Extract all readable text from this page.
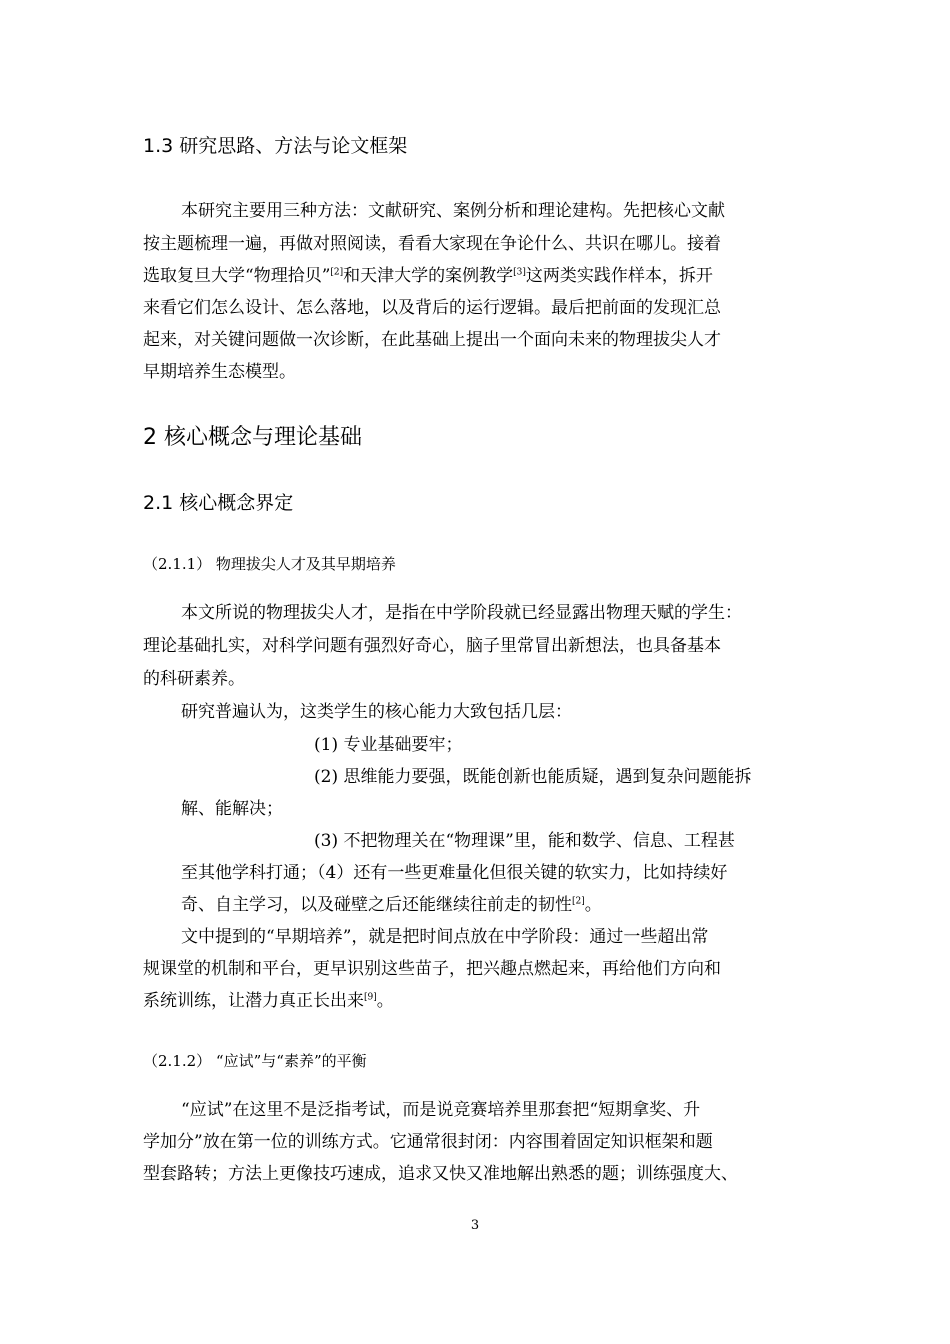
1.3 研究思路、方法与论文框架
本研究主要用三种方法：文献研究、案例分析和理论建构。先把核心文献
按主题梳理一遍，再做对照阅读，看看大家现在争论什么、共识在哪儿。接着
选取复旦大学“物理拾贝”[2]和天津大学的案例教学[3]这两类实践作样本，拆开
来看它们怎么设计、怎么落地，以及背后的运行逻辑。最后把前面的发现汇总
起来，对关键问题做一次诊断，在此基础上提出一个面向未来的物理拔尖人才
早期培养生态模型。
2 核心概念与理论基础
2.1 核心概念界定
（2.1.1） 物理拔尖人才及其早期培养
本文所说的物理拔尖人才，是指在中学阶段就已经显露出物理天赋的学生：
理论基础扎实，对科学问题有强烈好奇心，脑子里常冒出新想法，也具备基本
的科研素养。
研究普遍认为，这类学生的核心能力大致包括几层：
(1) 专业基础要牢；
(2) 思维能力要强，既能创新也能质疑，遇到复杂问题能拆
解、能解决；
(3) 不把物理关在“物理课”里，能和数学、信息、工程甚
至其他学科打通；（4）还有一些更难量化但很关键的软实力，比如持续好
奇、自主学习，以及碰壁之后还能继续往前走的韧性[2]。
文中提到的“早期培养”，就是把时间点放在中学阶段：通过一些超出常
规课堂的机制和平台，更早识别这些苗子，把兴趣点燃起来，再给他们方向和
系统训练，让潜力真正长出来[9]。
（2.1.2） “应试”与“素养”的平衡
“应试”在这里不是泛指考试，而是说竞赛培养里那套把“短期拿奖、升
学加分”放在第一位的训练方式。它通常很封闭：内容围着固定知识框架和题
型套路转；方法上更像技巧速成，追求又快又准地解出熟悉的题；训练强度大、
3
